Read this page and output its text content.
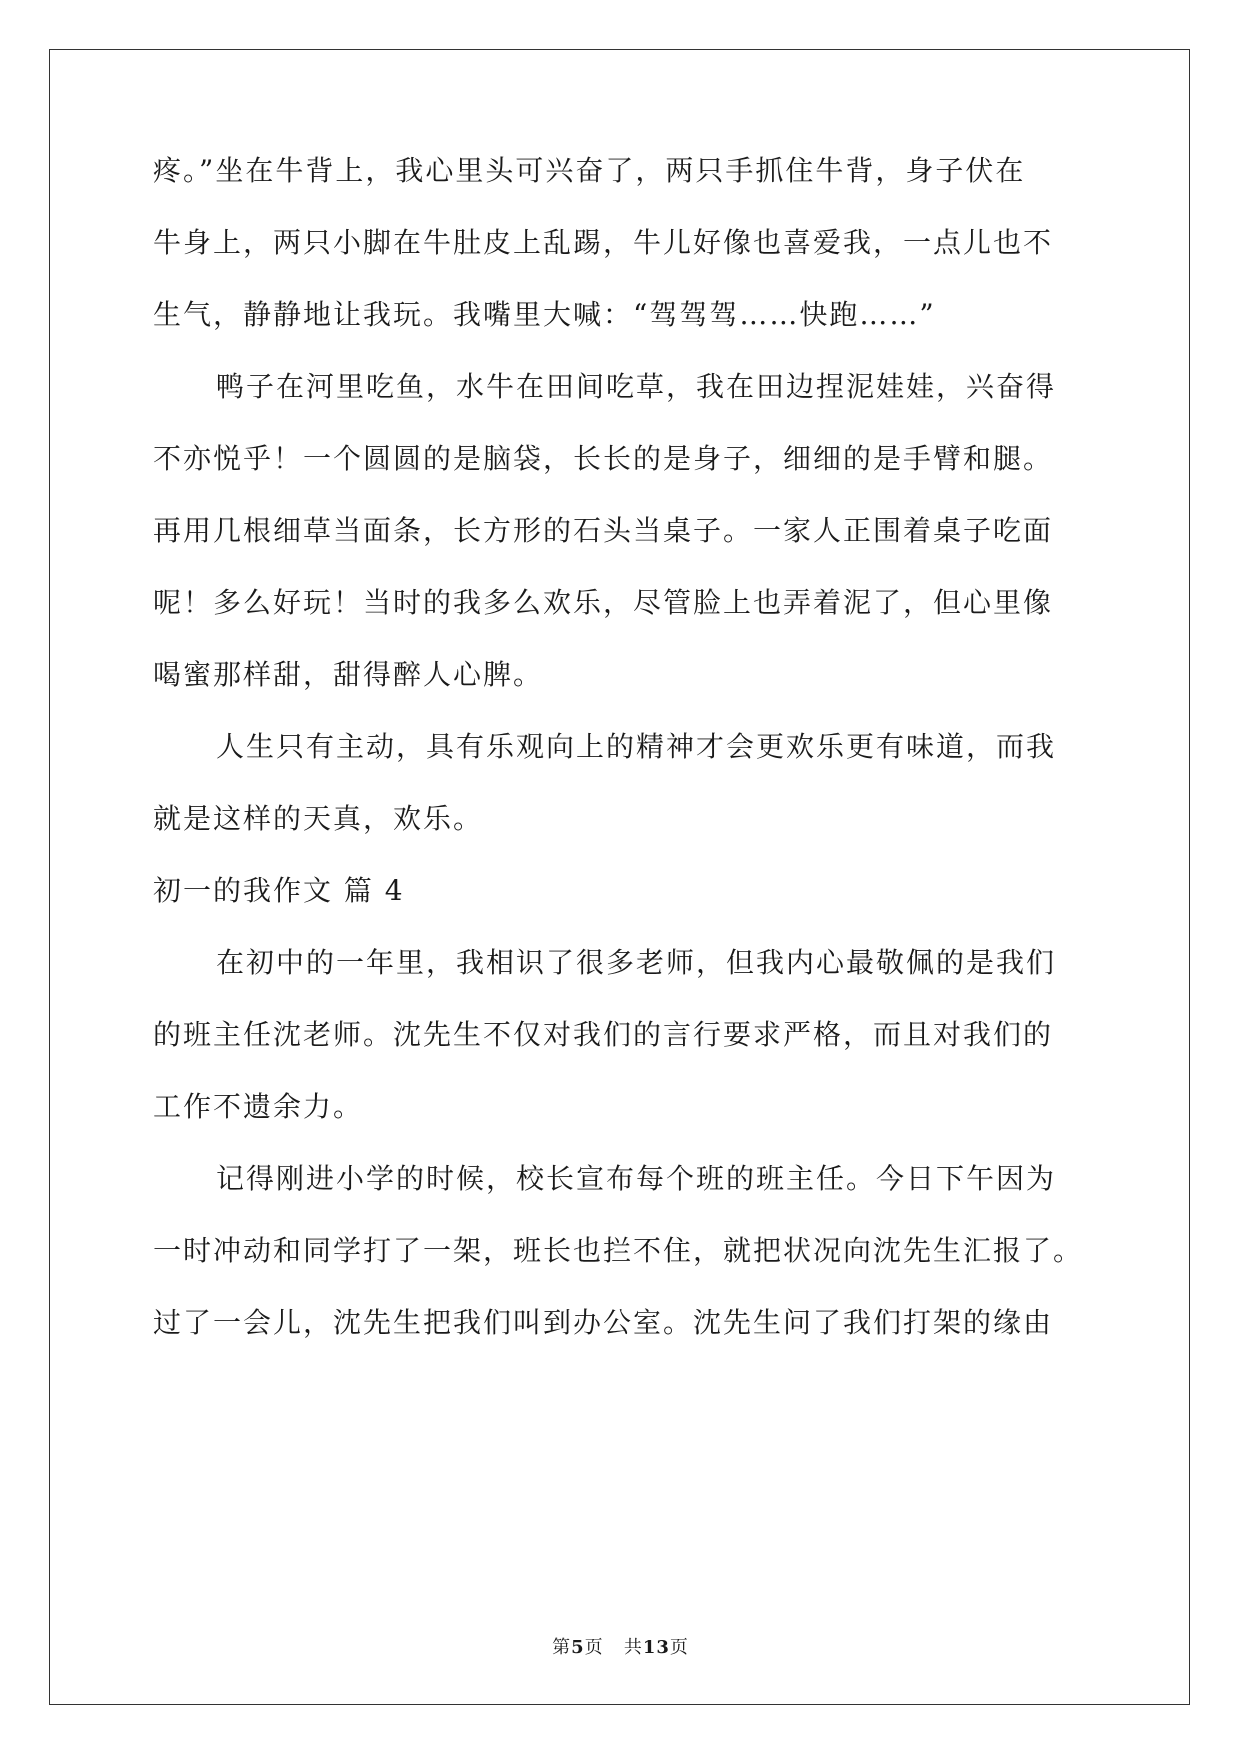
疼。”坐在牛背上，我心里头可兴奋了，两只手抓住牛背，身子伏在
牛身上，两只小脚在牛肚皮上乱踢，牛儿好像也喜爱我，一点儿也不
生气，静静地让我玩。我嘴里大喊：“驾驾驾……快跑……”
鸭子在河里吃鱼，水牛在田间吃草，我在田边捏泥娃娃，兴奋得
不亦悦乎！一个圆圆的是脑袋，长长的是身子，细细的是手臂和腿。
再用几根细草当面条，长方形的石头当桌子。一家人正围着桌子吃面
呢！多么好玩！当时的我多么欢乐，尽管脸上也弄着泥了，但心里像
喝蜜那样甜，甜得醉人心脾。
人生只有主动，具有乐观向上的精神才会更欢乐更有味道，而我
就是这样的天真，欢乐。
初一的我作文 篇 4
在初中的一年里，我相识了很多老师，但我内心最敬佩的是我们
的班主任沈老师。沈先生不仅对我们的言行要求严格，而且对我们的
工作不遗余力。
记得刚进小学的时候，校长宣布每个班的班主任。今日下午因为
一时冲动和同学打了一架，班长也拦不住，就把状况向沈先生汇报了。
过了一会儿，沈先生把我们叫到办公室。沈先生问了我们打架的缘由
第5页 共13页
